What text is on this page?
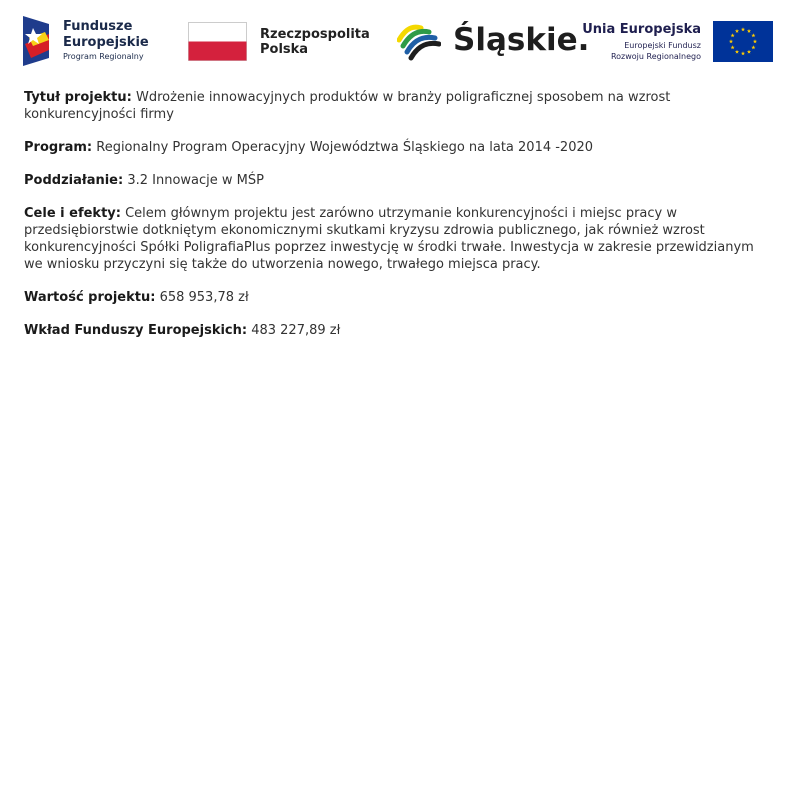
Fundusze
Europejskie
Program Regionalny
Rzeczpospolita
Polska	Śląskie.
Unia Europejska
Europejski Fundusz
Rozwoju Regionalnego

Tytuł projektu: Wdrożenie innowacyjnych produktów w branży poligraficznej sposobem na wzrost konkurencyjności firmy

Program: Regionalny Program Operacyjny Województwa Śląskiego na lata 2014 -2020

Poddziałanie: 3.2 Innowacje w MŚP

Cele i efekty: Celem głównym projektu jest zarówno utrzymanie konkurencyjności i miejsc pracy w przedsiębiorstwie dotkniętym ekonomicznymi skutkami kryzysu zdrowia publicznego, jak również wzrost konkurencyjności Spółki PoligrafiaPlus poprzez inwestycję w środki trwałe. Inwestycja w zakresie przewidzianym we wniosku przyczyni się także do utworzenia nowego, trwałego miejsca pracy.

Wartość projektu: 658 953,78 zł

Wkład Funduszy Europejskich: 483 227,89 zł
